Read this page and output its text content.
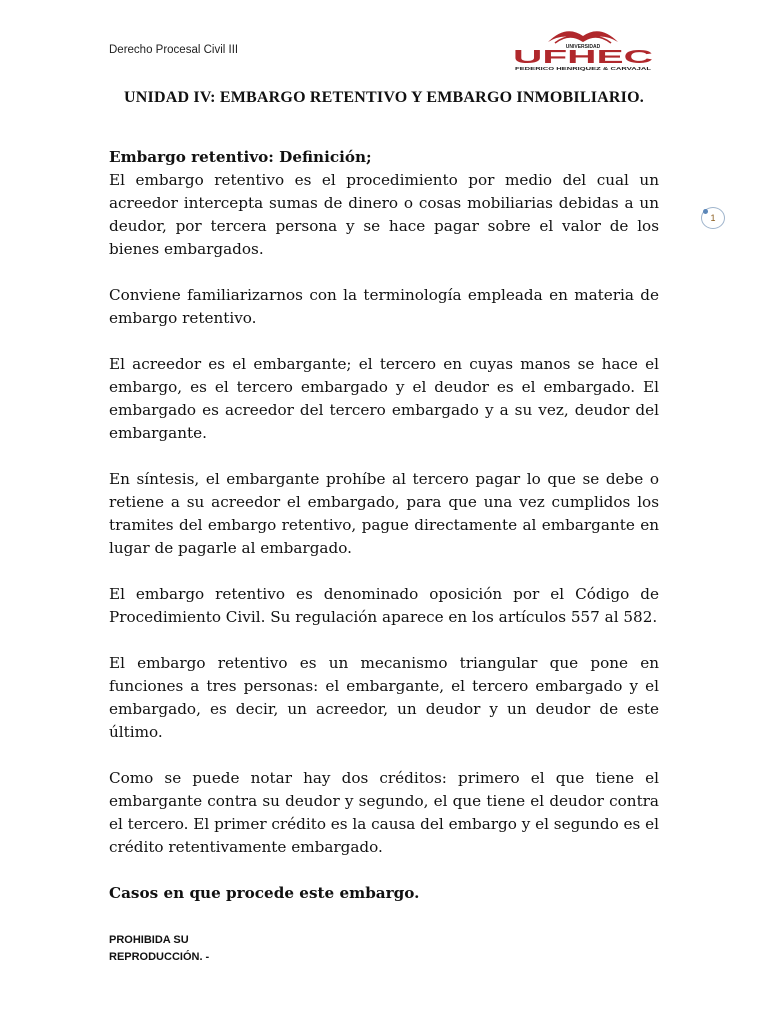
Derecho Procesal Civil III	UNIVERSIDAD
UFHEC
FEDERICO HENRIQUEZ & CARVAJAL
UNIDAD IV: EMBARGO RETENTIVO Y EMBARGO INMOBILIARIO.

Embargo retentivo: Definición;

El embargo retentivo es el procedimiento por medio del cual un acreedor intercepta sumas de dinero o cosas mobiliarias debidas a un deudor, por tercera persona y se hace pagar sobre el valor de los bienes embargados.

Conviene familiarizarnos con la terminología empleada en materia de embargo retentivo.

El acreedor es el embargante; el tercero en cuyas manos se hace el embargo, es el tercero embargado y el deudor es el embargado. El embargado es acreedor del tercero embargado y a su vez, deudor del embargante.

En síntesis, el embargante prohíbe al tercero pagar lo que se debe o retiene a su acreedor el embargado, para que una vez cumplidos los tramites del embargo retentivo, pague directamente al embargante en lugar de pagarle al embargado.

El embargo retentivo es denominado oposición por el Código de Procedimiento Civil. Su regulación aparece en los artículos 557 al 582.

El embargo retentivo es un mecanismo triangular que pone en funciones a tres personas: el embargante, el tercero embargado y el embargado, es decir, un acreedor, un deudor y un deudor de este último.

Como se puede notar hay dos créditos: primero el que tiene el embargante contra su deudor y segundo, el que tiene el deudor contra el tercero. El primer crédito es la causa del embargo y el segundo es el crédito retentivamente embargado.

Casos en que procede este embargo.

1
PROHIBIDA SU
REPRODUCCIÓN. -
